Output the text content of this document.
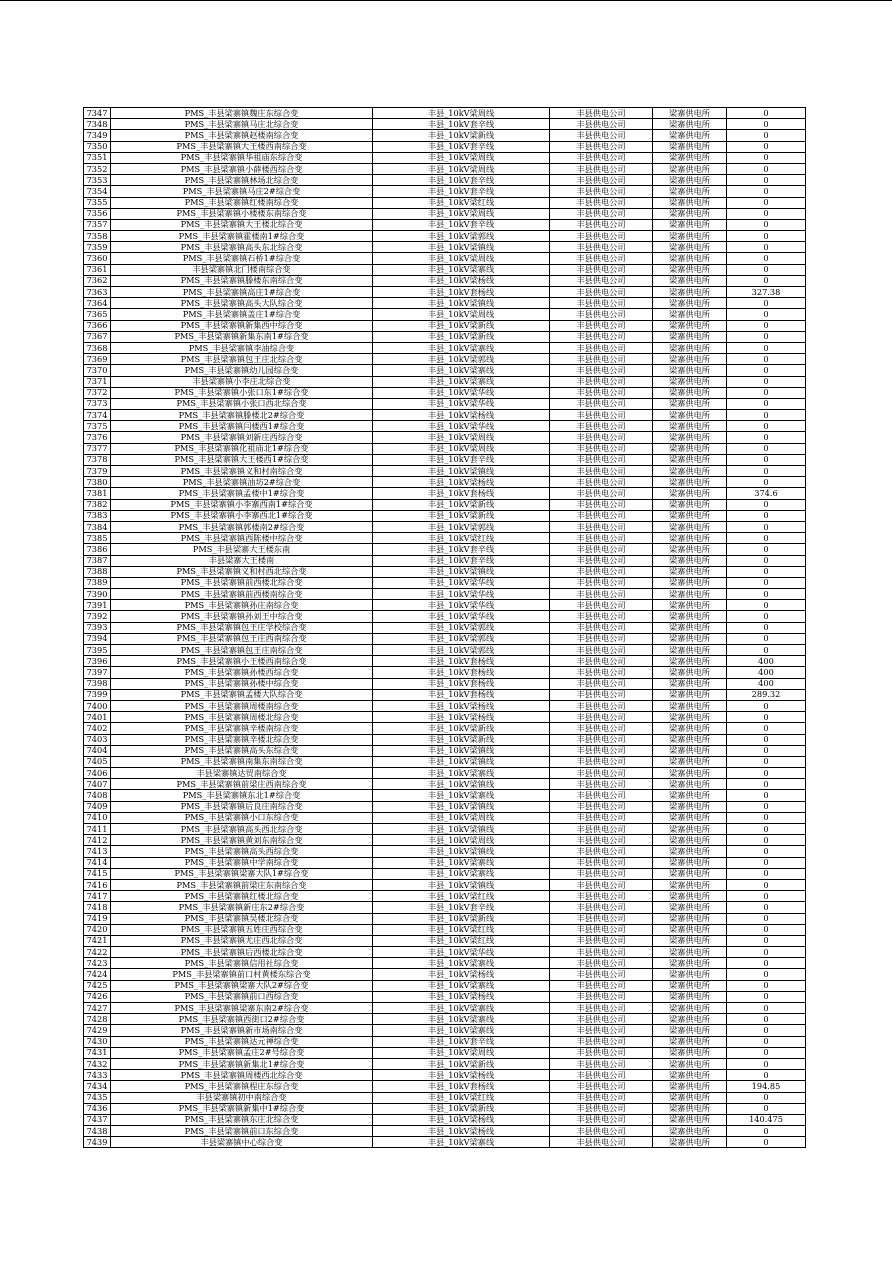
7347	PMS_丰县梁寨镇魏庄东综合变	丰县_10kV梁周线	丰县供电公司	梁寨供电所	0
7348	PMS_丰县梁寨镇马庄北综合变	丰县_10kV套辛线	丰县供电公司	梁寨供电所	0
7349	PMS_丰县梁寨镇赵楼南综合变	丰县_10kV梁新线	丰县供电公司	梁寨供电所	0
7350	PMS_丰县梁寨镇大王楼西南综合变	丰县_10kV套辛线	丰县供电公司	梁寨供电所	0
7351	PMS_丰县梁寨镇华祖庙东综合变	丰县_10kV梁周线	丰县供电公司	梁寨供电所	0
7352	PMS_丰县梁寨镇小薛楼西综合变	丰县_10kV梁周线	丰县供电公司	梁寨供电所	0
7353	PMS_丰县梁寨镇林场北综合变	丰县_10kV套辛线	丰县供电公司	梁寨供电所	0
7354	PMS_丰县梁寨镇马庄2#综合变	丰县_10kV套辛线	丰县供电公司	梁寨供电所	0
7355	PMS_丰县梁寨镇红楼南综合变	丰县_10kV梁红线	丰县供电公司	梁寨供电所	0
7356	PMS_丰县梁寨镇小楼楼东南综合变	丰县_10kV梁周线	丰县供电公司	梁寨供电所	0
7357	PMS_丰县梁寨镇大王楼北综合变	丰县_10kV套辛线	丰县供电公司	梁寨供电所	0
7358	PMS_丰县梁寨镇霍楼南1#综合变	丰县_10kV梁郭线	丰县供电公司	梁寨供电所	0
7359	PMS_丰县梁寨镇高头东北综合变	丰县_10kV梁镇线	丰县供电公司	梁寨供电所	0
7360	PMS_丰县梁寨镇石桥1#综合变	丰县_10kV梁周线	丰县供电公司	梁寨供电所	0
7361	丰县梁寨镇北门楼南综合变	丰县_10kV梁寨线	丰县供电公司	梁寨供电所	0
7362	PMS_丰县梁寨镇滕楼东南综合变	丰县_10kV梁杨线	丰县供电公司	梁寨供电所	0
7363	PMS_丰县梁寨镇高庄1#综合变	丰县_10kV套杨线	丰县供电公司	梁寨供电所	327.38
7364	PMS_丰县梁寨镇高头大队综合变	丰县_10kV梁镇线	丰县供电公司	梁寨供电所	0
7365	PMS_丰县梁寨镇盖庄1#综合变	丰县_10kV梁周线	丰县供电公司	梁寨供电所	0
7366	PMS_丰县梁寨镇新集西中综合变	丰县_10kV梁新线	丰县供电公司	梁寨供电所	0
7367	PMS_丰县梁寨镇新集东南1#综合变	丰县_10kV梁新线	丰县供电公司	梁寨供电所	0
7368	PMS_丰县梁寨镇李油综合变	丰县_10kV梁寨线	丰县供电公司	梁寨供电所	0
7369	PMS_丰县梁寨镇包王庄北综合变	丰县_10kV梁郭线	丰县供电公司	梁寨供电所	0
7370	PMS_丰县梁寨镇幼儿园综合变	丰县_10kV梁寨线	丰县供电公司	梁寨供电所	0
7371	丰县梁寨镇小李庄北综合变	丰县_10kV梁寨线	丰县供电公司	梁寨供电所	0
7372	PMS_丰县梁寨镇小张口东1#综合变	丰县_10kV梁华线	丰县供电公司	梁寨供电所	0
7373	PMS_丰县梁寨镇小张口西北综合变	丰县_10kV梁华线	丰县供电公司	梁寨供电所	0
7374	PMS_丰县梁寨镇滕楼北2#综合变	丰县_10kV梁杨线	丰县供电公司	梁寨供电所	0
7375	PMS_丰县梁寨镇闫楼西1#综合变	丰县_10kV梁华线	丰县供电公司	梁寨供电所	0
7376	PMS_丰县梁寨镇刘新庄西综合变	丰县_10kV梁周线	丰县供电公司	梁寨供电所	0
7377	PMS_丰县梁寨镇化祖庙北1#综合变	丰县_10kV梁周线	丰县供电公司	梁寨供电所	0
7378	PMS_丰县梁寨镇大王楼西1#综合变	丰县_10kV套辛线	丰县供电公司	梁寨供电所	0
7379	PMS_丰县梁寨镇义和村南综合变	丰县_10kV梁镇线	丰县供电公司	梁寨供电所	0
7380	PMS_丰县梁寨镇油坊2#综合变	丰县_10kV梁杨线	丰县供电公司	梁寨供电所	0
7381	PMS_丰县梁寨镇孟楼中1#综合变	丰县_10kV套杨线	丰县供电公司	梁寨供电所	374.6
7382	PMS_丰县梁寨镇小李寨西南1#综合变	丰县_10kV梁新线	丰县供电公司	梁寨供电所	0
7383	PMS_丰县梁寨镇小李寨西北1#综合变	丰县_10kV梁新线	丰县供电公司	梁寨供电所	0
7384	PMS_丰县梁寨镇郭楼南2#综合变	丰县_10kV梁郭线	丰县供电公司	梁寨供电所	0
7385	PMS_丰县梁寨镇西陈楼中综合变	丰县_10kV梁红线	丰县供电公司	梁寨供电所	0
7386	PMS_丰县梁寨大王楼东南	丰县_10kV套辛线	丰县供电公司	梁寨供电所	0
7387	丰县梁寨大王楼南	丰县_10kV套辛线	丰县供电公司	梁寨供电所	0
7388	PMS_丰县梁寨镇义和村西北综合变	丰县_10kV梁镇线	丰县供电公司	梁寨供电所	0
7389	PMS_丰县梁寨镇前西楼北综合变	丰县_10kV梁华线	丰县供电公司	梁寨供电所	0
7390	PMS_丰县梁寨镇前西楼南综合变	丰县_10kV梁华线	丰县供电公司	梁寨供电所	0
7391	PMS_丰县梁寨镇孙庄南综合变	丰县_10kV梁华线	丰县供电公司	梁寨供电所	0
7392	PMS_丰县梁寨镇孙刘王中综合变	丰县_10kV梁华线	丰县供电公司	梁寨供电所	0
7393	PMS_丰县梁寨镇包王庄学校综合变	丰县_10kV梁郭线	丰县供电公司	梁寨供电所	0
7394	PMS_丰县梁寨镇包王庄西南综合变	丰县_10kV梁郭线	丰县供电公司	梁寨供电所	0
7395	PMS_丰县梁寨镇包王庄南综合变	丰县_10kV梁郭线	丰县供电公司	梁寨供电所	0
7396	PMS_丰县梁寨镇小王楼西南综合变	丰县_10kV套杨线	丰县供电公司	梁寨供电所	400
7397	PMS_丰县梁寨镇孙楼西综合变	丰县_10kV套杨线	丰县供电公司	梁寨供电所	400
7398	PMS_丰县梁寨镇孙楼中综合变	丰县_10kV套杨线	丰县供电公司	梁寨供电所	400
7399	PMS_丰县梁寨镇孟楼大队综合变	丰县_10kV套杨线	丰县供电公司	梁寨供电所	289.32
7400	PMS_丰县梁寨镇周楼南综合变	丰县_10kV梁杨线	丰县供电公司	梁寨供电所	0
7401	PMS_丰县梁寨镇周楼北综合变	丰县_10kV梁杨线	丰县供电公司	梁寨供电所	0
7402	PMS_丰县梁寨镇辛楼南综合变	丰县_10kV梁新线	丰县供电公司	梁寨供电所	0
7403	PMS_丰县梁寨镇辛楼北综合变	丰县_10kV梁新线	丰县供电公司	梁寨供电所	0
7404	PMS_丰县梁寨镇高头东综合变	丰县_10kV梁镇线	丰县供电公司	梁寨供电所	0
7405	PMS_丰县梁寨镇南集东南综合变	丰县_10kV梁镇线	丰县供电公司	梁寨供电所	0
7406	丰县梁寨镇达贸南综合变	丰县_10kV梁寨线	丰县供电公司	梁寨供电所	0
7407	PMS_丰县梁寨镇前梁庄西南综合变	丰县_10kV梁镇线	丰县供电公司	梁寨供电所	0
7408	PMS_丰县梁寨镇东北1#综合变	丰县_10kV梁寨线	丰县供电公司	梁寨供电所	0
7409	PMS_丰县梁寨镇后良庄南综合变	丰县_10kV梁镇线	丰县供电公司	梁寨供电所	0
7410	PMS_丰县梁寨镇小口东综合变	丰县_10kV梁周线	丰县供电公司	梁寨供电所	0
7411	PMS_丰县梁寨镇高头西北综合变	丰县_10kV梁镇线	丰县供电公司	梁寨供电所	0
7412	PMS_丰县梁寨镇黄刘东南综合变	丰县_10kV梁周线	丰县供电公司	梁寨供电所	0
7413	PMS_丰县梁寨镇高头西综合变	丰县_10kV梁镇线	丰县供电公司	梁寨供电所	0
7414	PMS_丰县梁寨镇中学南综合变	丰县_10kV梁寨线	丰县供电公司	梁寨供电所	0
7415	PMS_丰县梁寨镇梁寨大队1#综合变	丰县_10kV梁寨线	丰县供电公司	梁寨供电所	0
7416	PMS_丰县梁寨镇前梁庄东南综合变	丰县_10kV梁镇线	丰县供电公司	梁寨供电所	0
7417	PMS_丰县梁寨镇红楼北综合变	丰县_10kV梁红线	丰县供电公司	梁寨供电所	0
7418	PMS_丰县梁寨镇新庄东2#综合变	丰县_10kV套辛线	丰县供电公司	梁寨供电所	0
7419	PMS_丰县梁寨镇吴楼北综合变	丰县_10kV梁新线	丰县供电公司	梁寨供电所	0
7420	PMS_丰县梁寨镇五姓庄西综合变	丰县_10kV梁红线	丰县供电公司	梁寨供电所	0
7421	PMS_丰县梁寨镇尤庄西北综合变	丰县_10kV梁红线	丰县供电公司	梁寨供电所	0
7422	PMS_丰县梁寨镇后西楼北综合变	丰县_10kV梁华线	丰县供电公司	梁寨供电所	0
7423	PMS_丰县梁寨镇信用社综合变	丰县_10kV梁寨线	丰县供电公司	梁寨供电所	0
7424	PMS_丰县梁寨镇前口村黄楼东综合变	丰县_10kV梁杨线	丰县供电公司	梁寨供电所	0
7425	PMS_丰县梁寨镇梁寨大队2#综合变	丰县_10kV梁寨线	丰县供电公司	梁寨供电所	0
7426	PMS_丰县梁寨镇前口西综合变	丰县_10kV梁杨线	丰县供电公司	梁寨供电所	0
7427	PMS_丰县梁寨镇梁寨东南2#综合变	丰县_10kV梁寨线	丰县供电公司	梁寨供电所	0
7428	PMS_丰县梁寨镇西街口2#综合变	丰县_10kV梁寨线	丰县供电公司	梁寨供电所	0
7429	PMS_丰县梁寨镇新市场南综合变	丰县_10kV梁寨线	丰县供电公司	梁寨供电所	0
7430	PMS_丰县梁寨镇达元禅综合变	丰县_10kV套辛线	丰县供电公司	梁寨供电所	0
7431	PMS_丰县梁寨镇孟庄2#号综合变	丰县_10kV梁周线	丰县供电公司	梁寨供电所	0
7432	PMS_丰县梁寨镇新集北1#综合变	丰县_10kV梁新线	丰县供电公司	梁寨供电所	0
7433	PMS_丰县梁寨镇周楼西北综合变	丰县_10kV梁杨线	丰县供电公司	梁寨供电所	0
7434	PMS_丰县梁寨镇程庄东综合变	丰县_10kV套杨线	丰县供电公司	梁寨供电所	194.85
7435	丰县梁寨镇初中南综合变	丰县_10kV梁红线	丰县供电公司	梁寨供电所	0
7436	PMS_丰县梁寨镇新集中1#综合变	丰县_10kV梁新线	丰县供电公司	梁寨供电所	0
7437	PMS_丰县梁寨镇东庄北综合变	丰县_10kV梁杨线	丰县供电公司	梁寨供电所	140.475
7438	PMS_丰县梁寨镇前口东综合变	丰县_10kV梁杨线	丰县供电公司	梁寨供电所	0
7439	丰县梁寨镇中心综合变	丰县_10kV梁寨线	丰县供电公司	梁寨供电所	0
